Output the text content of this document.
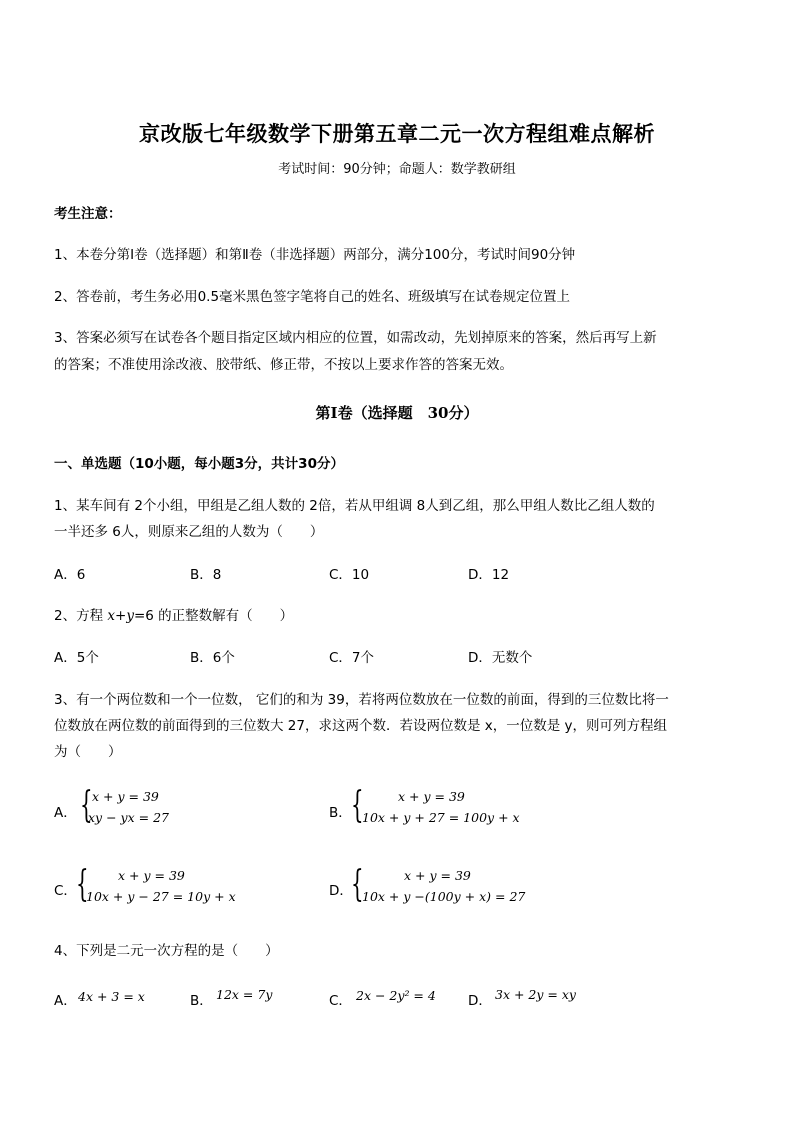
京改版七年级数学下册第五章二元一次方程组难点解析
考试时间：90分钟；命题人：数学教研组
考生注意：
1、本卷分第Ⅰ卷（选择题）和第Ⅱ卷（非选择题）两部分，满分100分，考试时间90分钟
2、答卷前，考生务必用0.5毫米黑色签字笔将自己的姓名、班级填写在试卷规定位置上
3、答案必须写在试卷各个题目指定区域内相应的位置，如需改动，先划掉原来的答案，然后再写上新
的答案；不准使用涂改液、胶带纸、修正带，不按以上要求作答的答案无效。
第Ⅰ卷（选择题　30分）
一、单选题（10小题，每小题3分，共计30分）
1、某车间有 2个小组，甲组是乙组人数的 2倍，若从甲组调 8人到乙组，那么甲组人数比乙组人数的
一半还多 6人，则原来乙组的人数为（　　）
A．6	B．8	C．10	D．12
2、方程 x+y=6 的正整数解有（　　）
A．5个	B．6个	C．7个	D．无数个
3、有一个两位数和一个一位数， 它们的和为 39，若将两位数放在一位数的前面，得到的三位数比将一
位数放在两位数的前面得到的三位数大 27，求这两个数．若设两位数是 x，一位数是 y，则可列方程组
为（　　）
A． { x + y = 39
xy − yx = 27	B． {	x + y = 39
10x + y + 27 = 100y + x
C． { x + y = 39
10x + y − 27 = 10y + x	D．
{	x + y = 39
10x + y −(100y + x) = 27
4、下列是二元一次方程的是（　　）
A． 4x + 3 = x	B． 12x = 7y	C． 2x − 2y² = 4 D． 3x + 2y = xy
